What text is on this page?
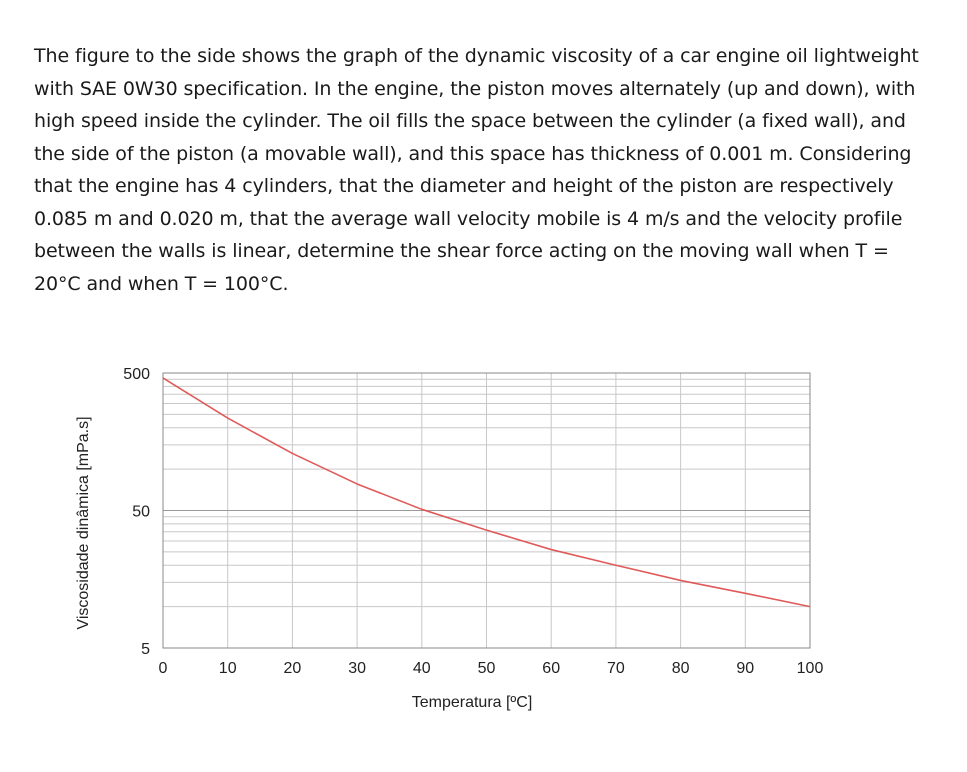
The figure to the side shows the graph of the dynamic viscosity of a car engine oil lightweight with SAE 0W30 specification. In the engine, the piston moves alternately (up and down), with high speed inside the cylinder. The oil fills the space between the cylinder (a fixed wall), and the side of the piston (a movable wall), and this space has thickness of 0.001 m. Considering that the engine has 4 cylinders, that the diameter and height of the piston are respectively 0.085 m and 0.020 m, that the average wall velocity mobile is 4 m/s and the velocity profile between the walls is linear, determine the shear force acting on the moving wall when T = 20°C and when T = 100°C.

0	10	20	30	40	50	60	70	80	90	100
500
50
5
Temperatura [ºC]
Viscosidade dinâmica [mPa.s]
